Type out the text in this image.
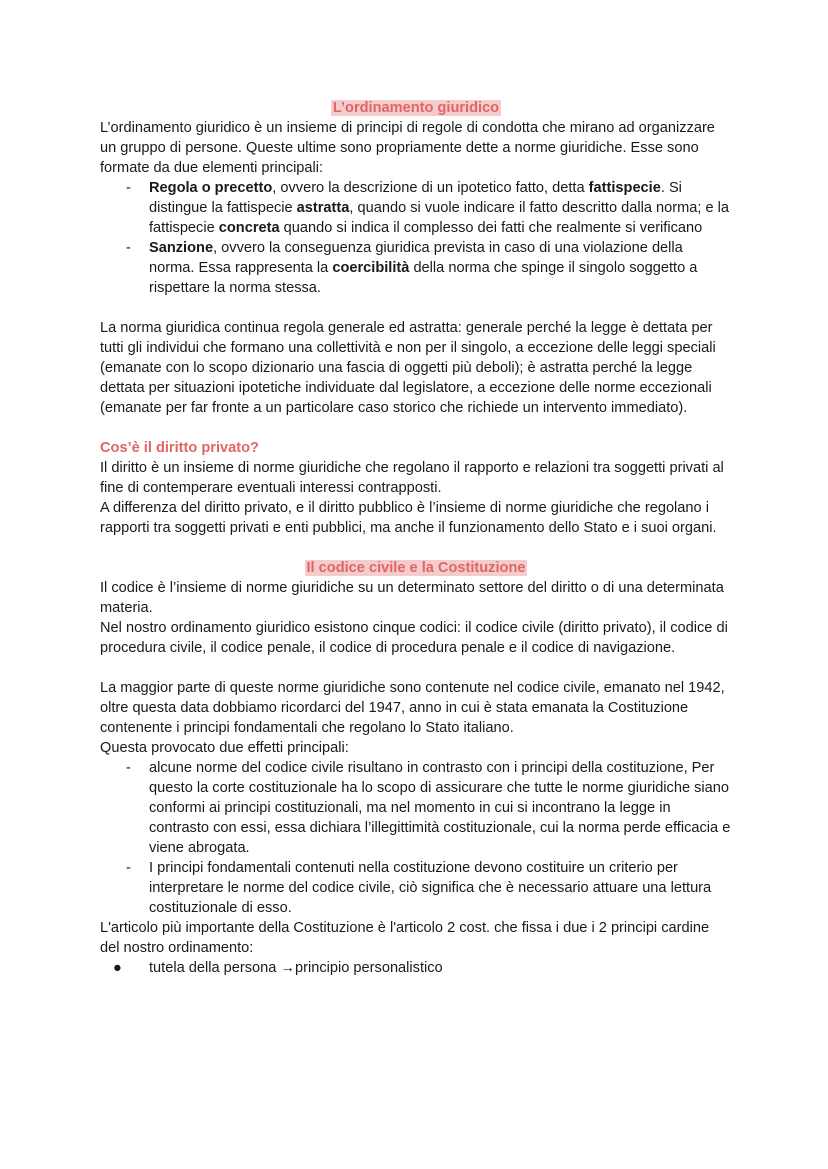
L’ordinamento giuridico

L’ordinamento giuridico è un insieme di principi di regole di condotta che mirano ad organizzare un gruppo di persone. Queste ultime sono propriamente dette a norme giuridiche. Esse sono formate da due elementi principali:

- Regola o precetto, ovvero la descrizione di un ipotetico fatto, detta fattispecie. Si distingue la fattispecie astratta, quando si vuole indicare il fatto descritto dalla norma; e la fattispecie concreta quando si indica il complesso dei fatti che realmente si verificano
- Sanzione, ovvero la conseguenza giuridica prevista in caso di una violazione della norma. Essa rappresenta la coercibilità della norma che spinge il singolo soggetto a rispettare la norma stessa.

La norma giuridica continua regola generale ed astratta: generale perché la legge è dettata per tutti gli individui che formano una collettività e non per il singolo, a eccezione delle leggi speciali (emanate con lo scopo dizionario una fascia di oggetti più deboli); è astratta perché la legge dettata per situazioni ipotetiche individuate dal legislatore, a eccezione delle norme eccezionali (emanate per far fronte a un particolare caso storico che richiede un intervento immediato).

Cos’è il diritto privato?

Il diritto è un insieme di norme giuridiche che regolano il rapporto e relazioni tra soggetti privati al fine di contemperare eventuali interessi contrapposti.

A differenza del diritto privato, e il diritto pubblico è l’insieme di norme giuridiche che regolano i rapporti tra soggetti privati e enti pubblici, ma anche il funzionamento dello Stato e i suoi organi.

Il codice civile e la Costituzione

Il codice è l’insieme di norme giuridiche su un determinato settore del diritto o di una determinata materia.

Nel nostro ordinamento giuridico esistono cinque codici: il codice civile (diritto privato), il codice di procedura civile, il codice penale, il codice di procedura penale e il codice di navigazione.

La maggior parte di queste norme giuridiche sono contenute nel codice civile, emanato nel 1942, oltre questa data dobbiamo ricordarci del 1947, anno in cui è stata emanata la Costituzione contenente i principi fondamentali che regolano lo Stato italiano.

Questa provocato due effetti principali:

- alcune norme del codice civile risultano in contrasto con i principi della costituzione, Per questo la corte costituzionale ha lo scopo di assicurare che tutte le norme giuridiche siano conformi ai principi costituzionali, ma nel momento in cui si incontrano la legge in contrasto con essi, essa dichiara l’illegittimità costituzionale, cui la norma perde efficacia e viene abrogata.
- I principi fondamentali contenuti nella costituzione devono costituire un criterio per interpretare le norme del codice civile, ciò significa che è necessario attuare una lettura costituzionale di esso.

L'articolo più importante della Costituzione è l'articolo 2 cost. che fissa i due i 2 principi cardine del nostro ordinamento:

● tutela della persona →principio personalistico
